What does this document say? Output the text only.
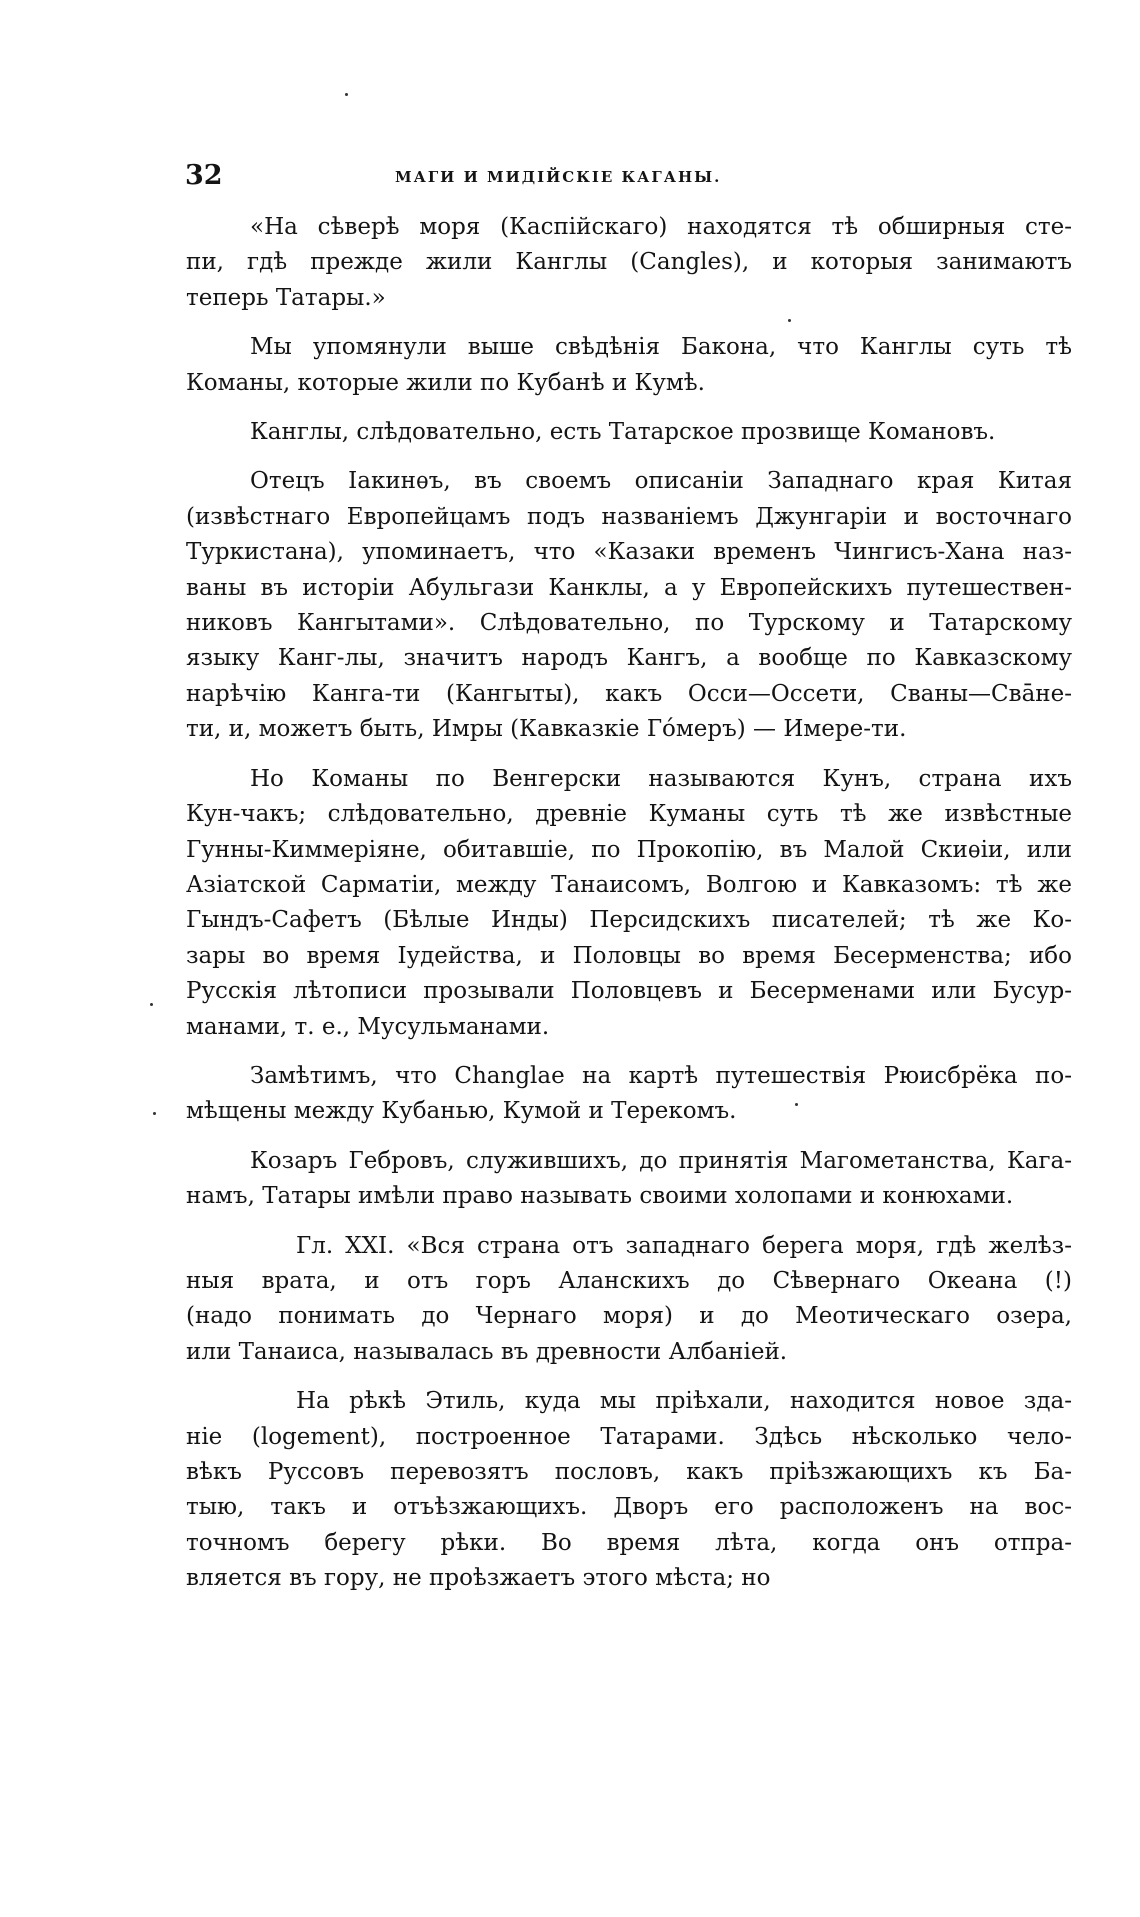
32	МАГИ И МИДІЙСКІЕ КАГАНЫ.
«На сѣверѣ моря (Каспійскаго) находятся тѣ обширныя сте-
пи, гдѣ прежде жили Канглы (Cangles), и которыя занимаютъ
теперь Татары.»
Мы упомянули выше свѣдѣнія Бакона, что Канглы суть тѣ
Команы, которые жили по Кубанѣ и Кумѣ.
Канглы, слѣдовательно, есть Татарское прозвище Комановъ.
Отецъ Іакинѳъ, въ своемъ описаніи Западнаго края Китая
(извѣстнаго Европейцамъ подъ названіемъ Джунгаріи и восточнаго
Туркистана), упоминаетъ, что «Казаки временъ Чингисъ-Хана наз-
ваны въ исторіи Абульгази Канклы, а у Европейскихъ путешествен-
никовъ Кангытами». Слѣдовательно, по Турскому и Татарскому
языку Канг-лы, значитъ народъ Кангъ, а вообще по Кавказскому
нарѣчію Канга-ти (Кангыты), какъ Осси—Оссети, Сваны—Свāне-
ти, и, можетъ быть, Имры (Кавказкіе Гóмеръ) — Имере-ти.
Но Команы по Венгерски называются Кунъ, страна ихъ
Кун-чакъ; слѣдовательно, древніе Куманы суть тѣ же извѣстные
Гунны-Киммеріяне, обитавшіе, по Прокопію, въ Малой Скиѳіи, или
Азіатской Сарматіи, между Танаисомъ, Волгою и Кавказомъ: тѣ же
Гындъ-Сафетъ (Бѣлые Инды) Персидскихъ писателей; тѣ же Ко-
зары во время Іудейства, и Половцы во время Бесерменства; ибо
Русскія лѣтописи прозывали Половцевъ и Бесерменами или Бусур-
манами, т. е., Мусульманами.
Замѣтимъ, что Changlae на картѣ путешествія Рюисбрёка по-
мѣщены между Кубанью, Кумой и Терекомъ.
Козаръ Гебровъ, служившихъ, до принятія Магометанства, Кага-
намъ, Татары имѣли право называть своими холопами и конюхами.
Гл. XXI. «Вся страна отъ западнаго берега моря, гдѣ желѣз-
ныя врата, и отъ горъ Аланскихъ до Сѣвернаго Океана (!)
(надо понимать до Чернаго моря) и до Меотическаго озера,
или Танаиса, называлась въ древности Албаніей.
На рѣкѣ Этиль, куда мы пріѣхали, находится новое зда-
ніе (logement), построенное Татарами. Здѣсь нѣсколько чело-
вѣкъ Руссовъ перевозятъ пословъ, какъ пріѣзжающихъ къ Ба-
тыю, такъ и отъѣзжающихъ. Дворъ его расположенъ на вос-
точномъ берегу рѣки. Во время лѣта, когда онъ отпра-
вляется въ гору, не проѣзжаетъ этого мѣста; но
